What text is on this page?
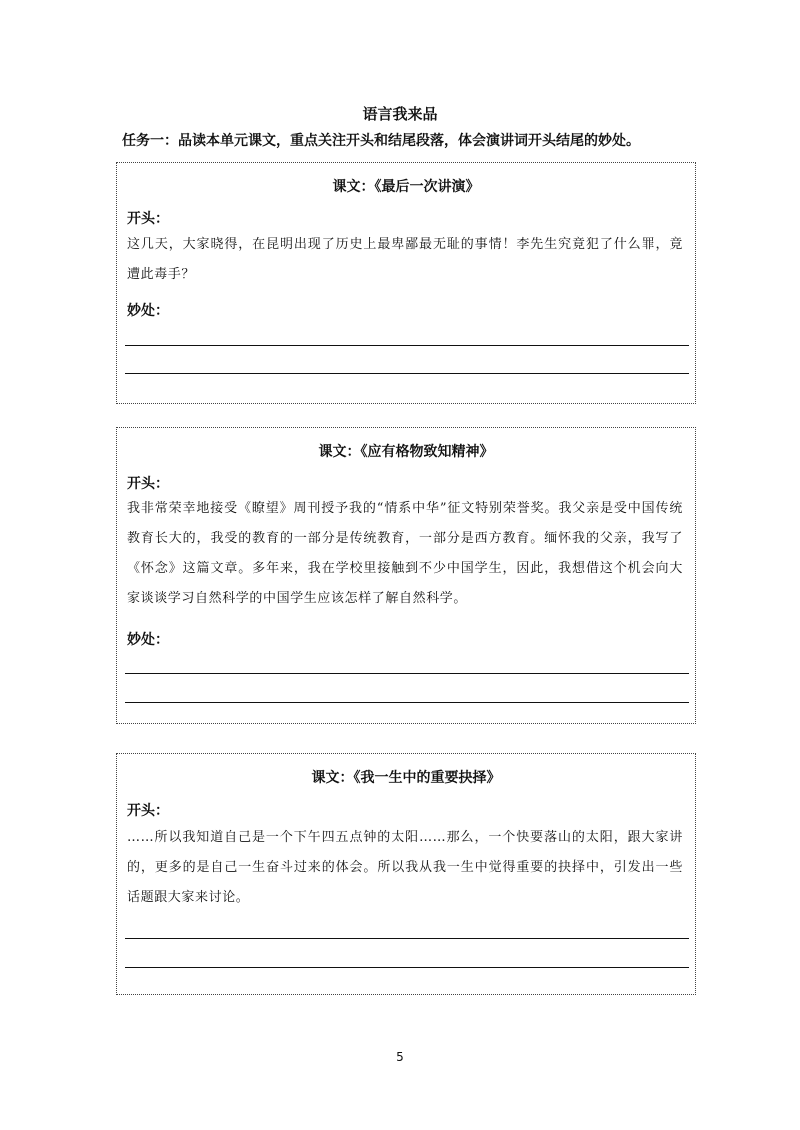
语言我来品
任务一：品读本单元课文，重点关注开头和结尾段落，体会演讲词开头结尾的妙处。
课文：《最后一次讲演》
开头：
这几天，大家晓得，在昆明出现了历史上最卑鄙最无耻的事情！李先生究竟犯了什么罪，竟遭此毒手？
妙处：
课文：《应有格物致知精神》
开头：
我非常荣幸地接受《瞭望》周刊授予我的“情系中华”征文特别荣誉奖。我父亲是受中国传统教育长大的，我受的教育的一部分是传统教育，一部分是西方教育。缅怀我的父亲，我写了《怀念》这篇文章。多年来，我在学校里接触到不少中国学生，因此，我想借这个机会向大家谈谈学习自然科学的中国学生应该怎样了解自然科学。
妙处：
课文：《我一生中的重要抉择》
开头：
……所以我知道自己是一个下午四五点钟的太阳……那么，一个快要落山的太阳，跟大家讲的，更多的是自己一生奋斗过来的体会。所以我从我一生中觉得重要的抉择中，引发出一些话题跟大家来讨论。
5
